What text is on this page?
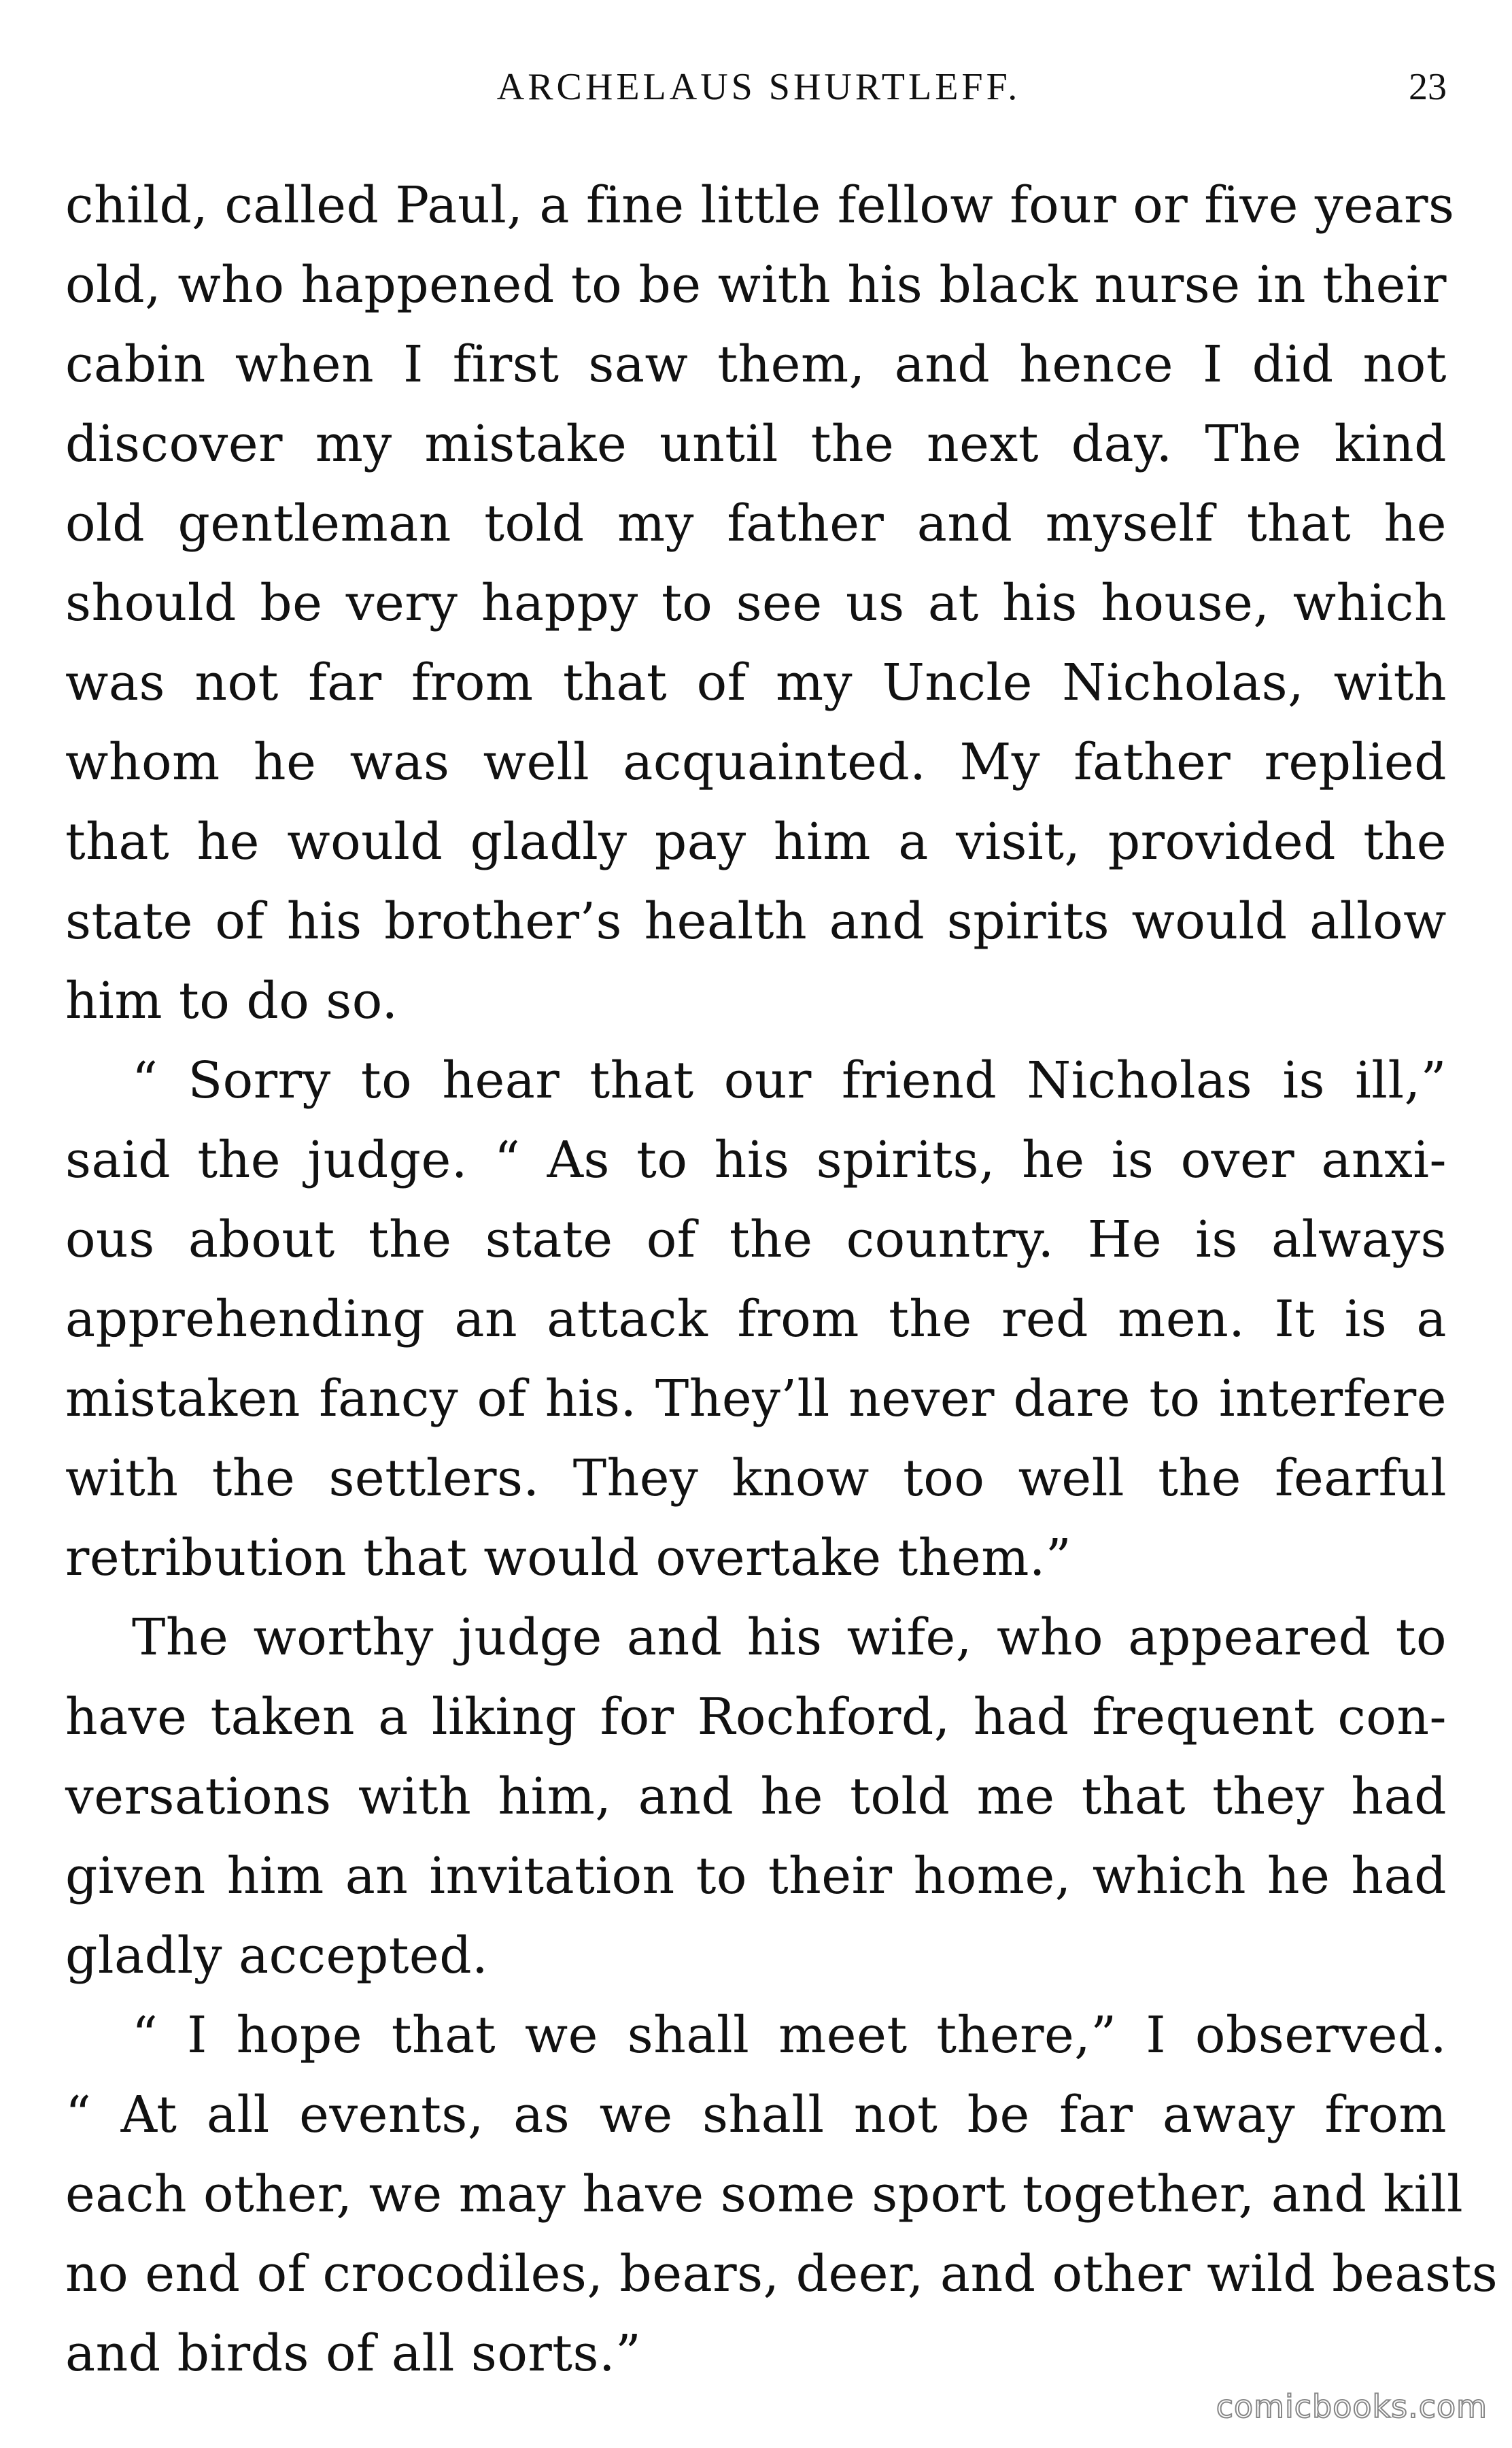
ARCHELAUS SHURTLEFF.	23
child, called Paul, a fine little fellow four or five years
old, who happened to be with his black nurse in their
cabin when I first saw them, and hence I did not
discover my mistake until the next day. The kind
old gentleman told my father and myself that he
should be very happy to see us at his house, which
was not far from that of my Uncle Nicholas, with
whom he was well acquainted. My father replied
that he would gladly pay him a visit, provided the
state of his brother’s health and spirits would allow
him to do so.
“ Sorry to hear that our friend Nicholas is ill,”
said the judge. “ As to his spirits, he is over anxi-
ous about the state of the country. He is always
apprehending an attack from the red men. It is a
mistaken fancy of his. They’ll never dare to interfere
with the settlers. They know too well the fearful
retribution that would overtake them.”
The worthy judge and his wife, who appeared to
have taken a liking for Rochford, had frequent con-
versations with him, and he told me that they had
given him an invitation to their home, which he had
gladly accepted.
“ I hope that we shall meet there,” I observed.
“ At all events, as we shall not be far away from
each other, we may have some sport together, and kill
no end of crocodiles, bears, deer, and other wild beasts
and birds of all sorts.”
comicbooks.com
